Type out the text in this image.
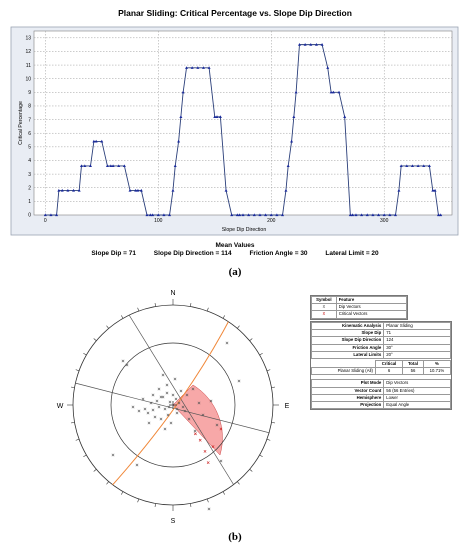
Planar Sliding: Critical Percentage vs. Slope Dip Direction
0
1
2
3
4
5
6
7
8
9
10
11
12
13
0	100	200	300
Slope Dip Direction
Critical Percentage
Mean Values
Slope Dip = 71	Slope Dip Direction = 114	Friction Angle = 30	Lateral Limit = 20
(a)
N
S
E
W
Symbol	Feature
x	Dip Vectors
x	Critical Vectors
Kinematic Analysis	Planar Sliding
Slope Dip	71
Slope Dip Direction	124
Friction Angle	30°
Lateral Limits	20°
	Critical	Total	%
Planar Sliding (All)	6	56	10.71%
Plot Mode	Dip Vectors
Vector Count	56 (56 Entries)
Hemisphere	Lower
Projection	Equal Angle
(b)
